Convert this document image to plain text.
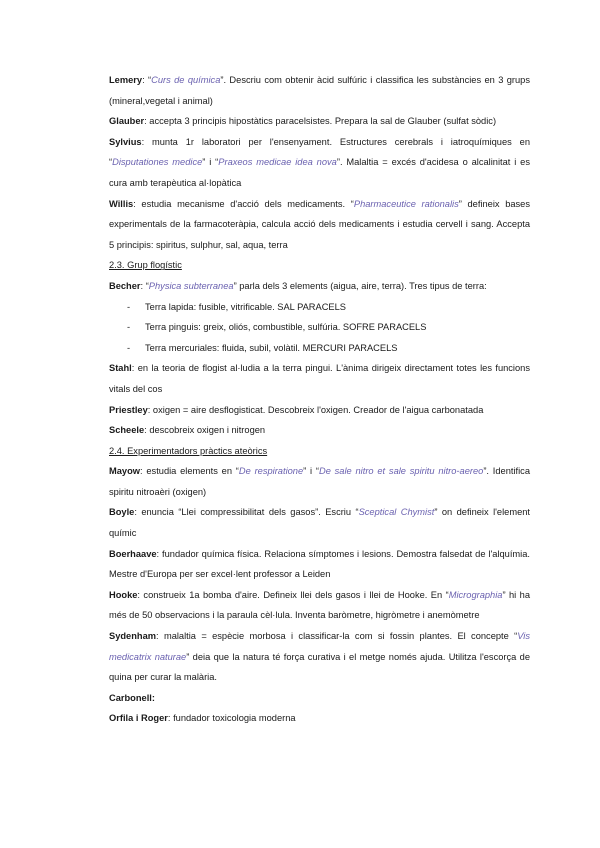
Lemery: “Curs de química”. Descriu com obtenir àcid sulfúric i classifica les substàncies en 3 grups (mineral,vegetal i animal)

Glauber: accepta 3 principis hipostàtics paracelsistes. Prepara la sal de Glauber (sulfat sòdic)

Sylvius: munta 1r laboratori per l'ensenyament. Estructures cerebrals i iatroquímiques en “Disputationes medice” i “Praxeos medicae idea nova”. Malaltia = excés d'acidesa o alcalinitat i es cura amb terapèutica al·lopàtica

Willis: estudia mecanisme d'acció dels medicaments. “Pharmaceutice rationalis” defineix bases experimentals de la farmacoteràpia, calcula acció dels medicaments i estudia cervell i sang. Accepta 5 principis: spiritus, sulphur, sal, aqua, terra

2.3. Grup flogístic

Becher: “Physica subterranea” parla dels 3 elements (aigua, aire, terra). Tres tipus de terra:

- Terra lapida: fusible, vitrificable. SAL PARACELS
- Terra pinguis: greix, oliós, combustible, sulfúria. SOFRE PARACELS
- Terra mercuriales: fluida, subil, volàtil. MERCURI PARACELS

Stahl: en la teoria de flogist al·ludia a la terra pingui. L'ànima dirigeix directament totes les funcions vitals del cos

Priestley: oxigen = aire desflogisticat. Descobreix l'oxigen. Creador de l'aigua carbonatada

Scheele: descobreix oxigen i nitrogen

2.4. Experimentadors pràctics ateòrics

Mayow: estudia elements en “De respiratione” i “De sale nitro et sale spiritu nitro-aereo”. Identifica spiritu nitroaèri (oxigen)

Boyle: enuncia “Llei compressibilitat dels gasos”. Escriu “Sceptical Chymist” on defineix l'element químic

Boerhaave: fundador química física. Relaciona símptomes i lesions. Demostra falsedat de l'alquímia. Mestre d'Europa per ser excel·lent professor a Leiden

Hooke: construeix 1a bomba d'aire. Defineix llei dels gasos i llei de Hooke. En “Micrographia” hi ha més de 50 observacions i la paraula cèl·lula. Inventa baròmetre, higròmetre i anemòmetre

Sydenham: malaltia = espècie morbosa i classificar-la com si fossin plantes. El concepte “Vis medicatrix naturae” deia que la natura té força curativa i el metge només ajuda. Utilitza l'escorça de quina per curar la malària.

Carbonell:

Orfila i Roger: fundador toxicologia moderna
